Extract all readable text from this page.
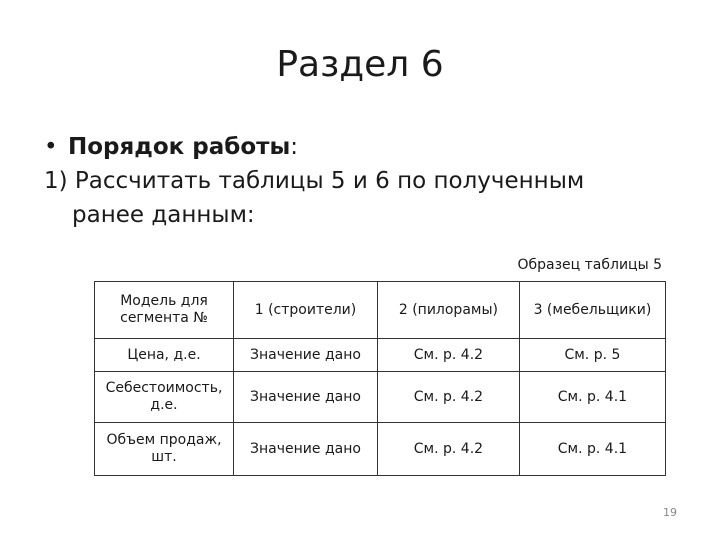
Раздел 6
• Порядок работы:
1) Рассчитать таблицы 5 и 6 по полученным
ранее данным:
Образец таблицы 5
Модель для сегмента №	1 (строители)	2 (пилорамы)	3 (мебельщики)
Цена, д.е.	Значение дано	См. р. 4.2	См. р. 5
Себестоимость, д.е.	Значение дано	См. р. 4.2	См. р. 4.1
Объем продаж, шт.	Значение дано	См. р. 4.2	См. р. 4.1
19
